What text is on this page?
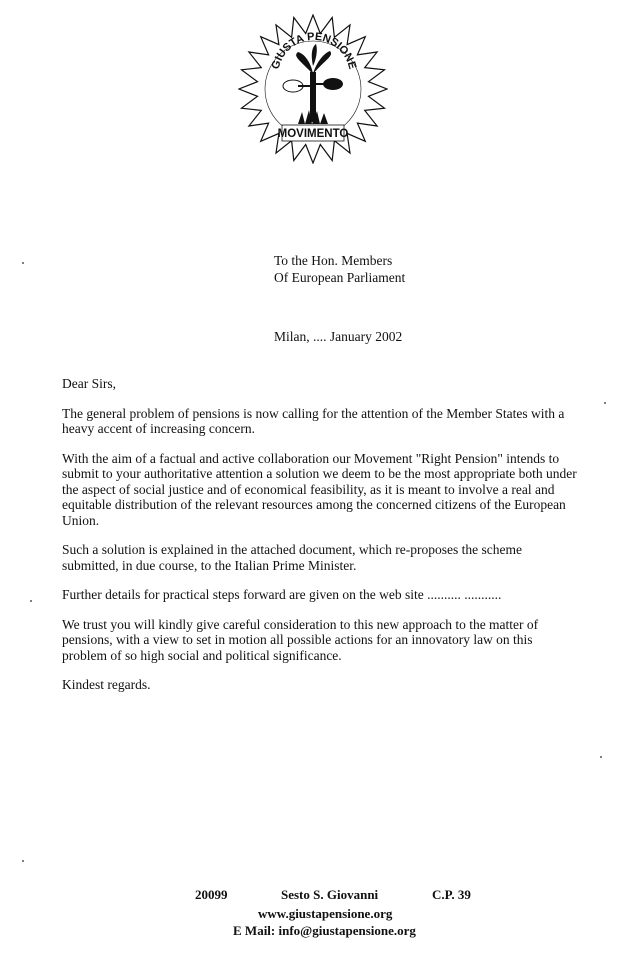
GIUSTA PENSIONE
MOVIMENTO
To the Hon. Members
Of European Parliament
Milan, .... January 2002

Dear Sirs,

The general problem of pensions is now calling for the attention of the Member States with a heavy accent of increasing concern.

With the aim of a factual and active collaboration our Movement "Right Pension" intends to submit to your authoritative attention a solution we deem to be the most appropriate both under the aspect of social justice and of economical feasibility, as it is meant to involve a real and equitable distribution of the relevant resources among the concerned citizens of the European Union.

Such a solution is explained in the attached document, which re-proposes the scheme submitted, in due course, to the Italian Prime Minister.

Further details for practical steps forward are given on the web site .......... ...........

We trust you will kindly give careful consideration to this new approach to the matter of pensions, with a view to set in motion all possible actions for an innovatory law on this problem of so high social and political significance.

Kindest regards.

20099	Sesto S. Giovanni	C.P. 39
www.giustapensione.org
E Mail: info@giustapensione.org
